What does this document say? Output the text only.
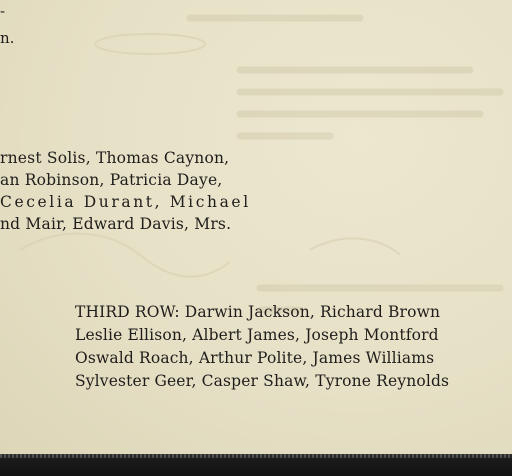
-
n.
rnest Solis, Thomas Caynon,
an Robinson, Patricia Daye,
Cecelia Durant, Michael
nd Mair, Edward Davis, Mrs.
THIRD ROW: Darwin Jackson, Richard Brown
Leslie Ellison, Albert James, Joseph Montford
Oswald Roach, Arthur Polite, James Williams
Sylvester Geer, Casper Shaw, Tyrone Reynolds
